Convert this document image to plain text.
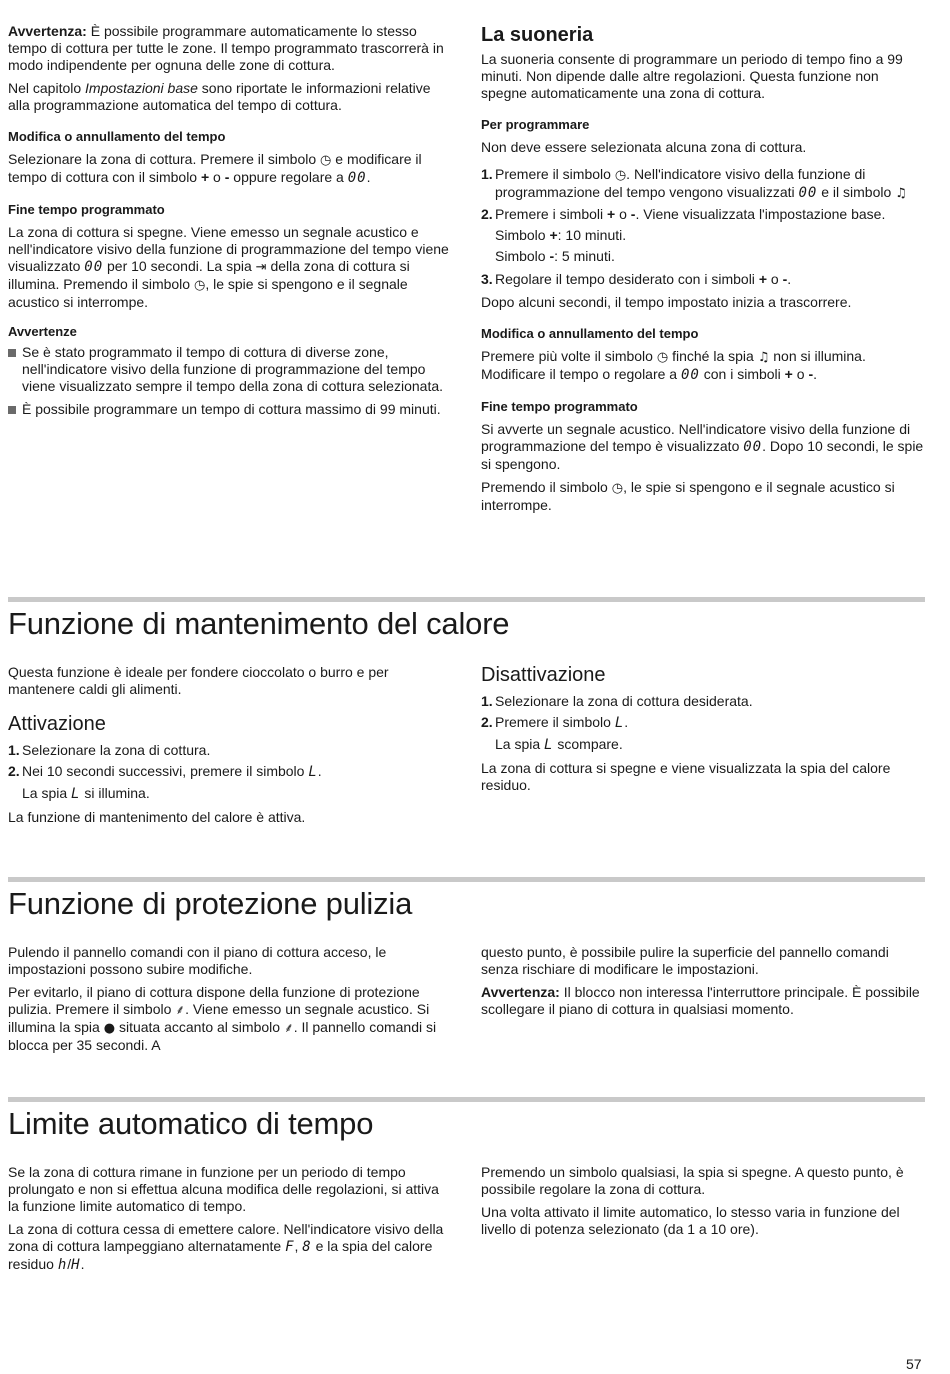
Avvertenza: È possibile programmare automaticamente lo stesso tempo di cottura per tutte le zone. Il tempo programmato trascorrerà in modo indipendente per ognuna delle zone di cottura.

Nel capitolo Impostazioni base sono riportate le informazioni relative alla programmazione automatica del tempo di cottura.

Modifica o annullamento del tempo

Selezionare la zona di cottura. Premere il simbolo ◷ e modificare il tempo di cottura con il simbolo + o - oppure regolare a 00.

Fine tempo programmato

La zona di cottura si spegne. Viene emesso un segnale acustico e nell'indicatore visivo della funzione di programmazione del tempo viene visualizzato 00 per 10 secondi. La spia ⇥ della zona di cottura si illumina. Premendo il simbolo ◷, le spie si spengono e il segnale acustico si interrompe.

Avvertenze
Se è stato programmato il tempo di cottura di diverse zone, nell'indicatore visivo della funzione di programmazione del tempo viene visualizzato sempre il tempo della zona di cottura selezionata.
È possibile programmare un tempo di cottura massimo di 99 minuti.
La suoneria

La suoneria consente di programmare un periodo di tempo fino a 99 minuti. Non dipende dalle altre regolazioni. Questa funzione non spegne automaticamente una zona di cottura.

Per programmare

Non deve essere selezionata alcuna zona di cottura.

1. Premere il simbolo ◷. Nell'indicatore visivo della funzione di programmazione del tempo vengono visualizzati 00 e il simbolo ♫
2. Premere i simboli + o -. Viene visualizzata l'impostazione base.

Simbolo +: 10 minuti.

Simbolo -: 5 minuti.

3. Regolare il tempo desiderato con i simboli + o -.

Dopo alcuni secondi, il tempo impostato inizia a trascorrere.

Modifica o annullamento del tempo

Premere più volte il simbolo ◷ finché la spia ♫ non si illumina. Modificare il tempo o regolare a 00 con i simboli + o -.

Fine tempo programmato

Si avverte un segnale acustico. Nell'indicatore visivo della funzione di programmazione del tempo è visualizzato 00. Dopo 10 secondi, le spie si spengono.

Premendo il simbolo ◷, le spie si spengono e il segnale acustico si interrompe.

Funzione di mantenimento del calore

Questa funzione è ideale per fondere cioccolato o burro e per mantenere caldi gli alimenti.

Attivazione
1. Selezionare la zona di cottura.
2. Nei 10 secondi successivi, premere il simbolo L.

La spia L si illumina.

La funzione di mantenimento del calore è attiva.

Disattivazione
1. Selezionare la zona di cottura desiderata.
2. Premere il simbolo L.

La spia L scompare.

La zona di cottura si spegne e viene visualizzata la spia del calore residuo.

Funzione di protezione pulizia

Pulendo il pannello comandi con il piano di cottura acceso, le impostazioni possono subire modifiche.

Per evitarlo, il piano di cottura dispone della funzione di protezione pulizia. Premere il simbolo ⸙. Viene emesso un segnale acustico. Si illumina la spia ● situata accanto al simbolo ⸙. Il pannello comandi si blocca per 35 secondi. A

questo punto, è possibile pulire la superficie del pannello comandi senza rischiare di modificare le impostazioni.

Avvertenza: Il blocco non interessa l'interruttore principale. È possibile scollegare il piano di cottura in qualsiasi momento.

Limite automatico di tempo

Se la zona di cottura rimane in funzione per un periodo di tempo prolungato e non si effettua alcuna modifica delle regolazioni, si attiva la funzione limite automatico di tempo.

La zona di cottura cessa di emettere calore. Nell'indicatore visivo della zona di cottura lampeggiano alternatamente F, 8 e la spia del calore residuo h/H.

Premendo un simbolo qualsiasi, la spia si spegne. A questo punto, è possibile regolare la zona di cottura.

Una volta attivato il limite automatico, lo stesso varia in funzione del livello di potenza selezionato (da 1 a 10 ore).

57
